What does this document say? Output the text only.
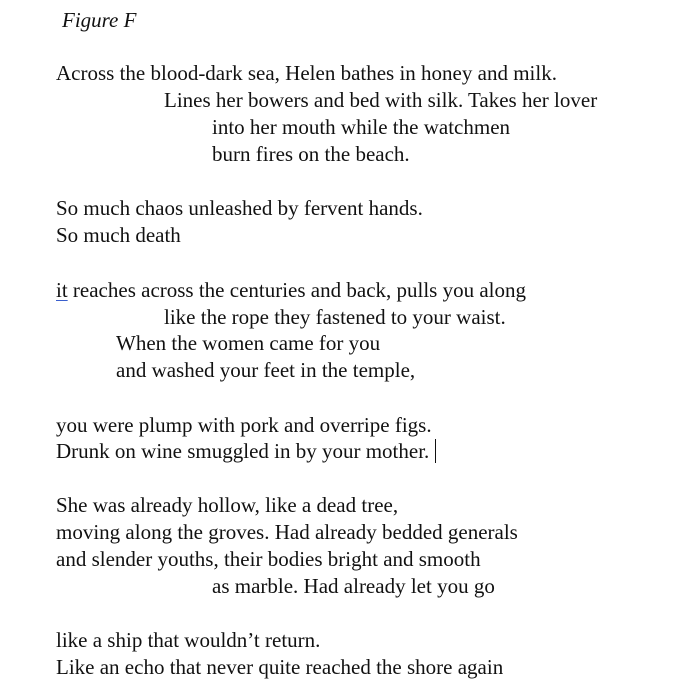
Figure F
Across the blood-dark sea, Helen bathes in honey and milk.
Lines her bowers and bed with silk. Takes her lover
into her mouth while the watchmen
burn fires on the beach.
So much chaos unleashed by fervent hands.
So much death
it reaches across the centuries and back, pulls you along
like the rope they fastened to your waist.
When the women came for you
and washed your feet in the temple,
you were plump with pork and overripe figs.
Drunk on wine smuggled in by your mother.
She was already hollow, like a dead tree,
moving along the groves. Had already bedded generals
and slender youths, their bodies bright and smooth
as marble. Had already let you go
like a ship that wouldn’t return.
Like an echo that never quite reached the shore again
